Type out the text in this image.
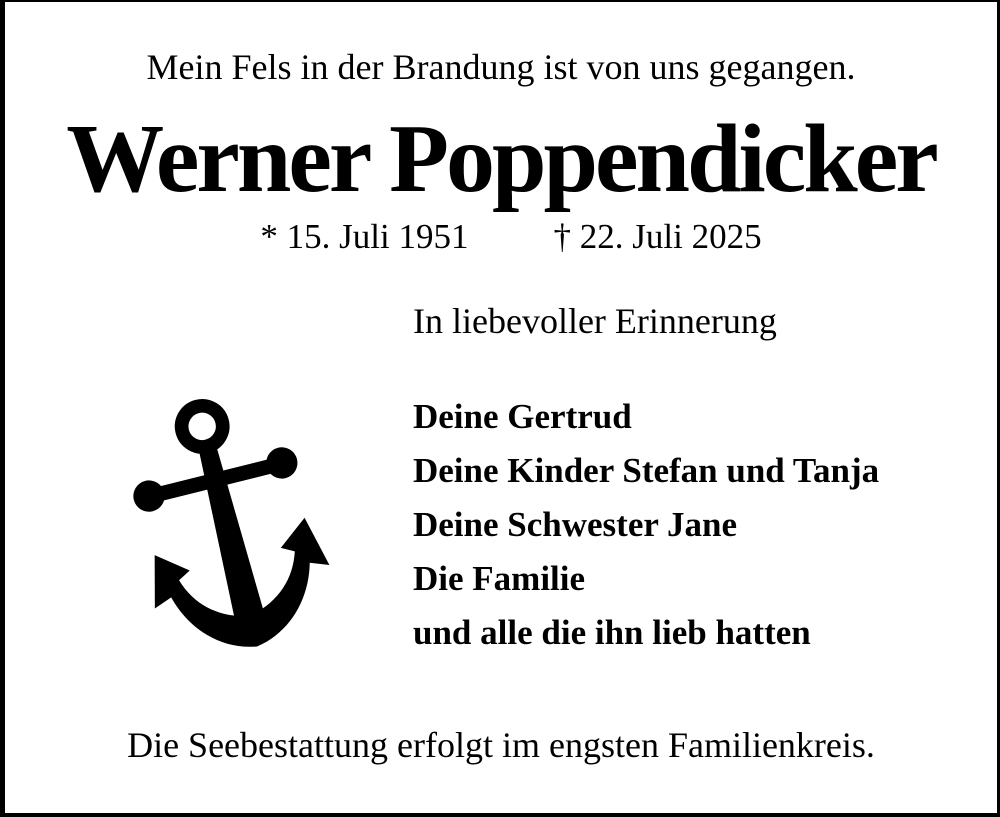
Mein Fels in der Brandung ist von uns gegangen.
Werner Poppendicker
* 15. Juli 1951 † 22. Juli 2025
In liebevoller Erinnerung
Deine Gertrud
Deine Kinder Stefan und Tanja
Deine Schwester Jane
Die Familie
und alle die ihn lieb hatten
Die Seebestattung erfolgt im engsten Familienkreis.
